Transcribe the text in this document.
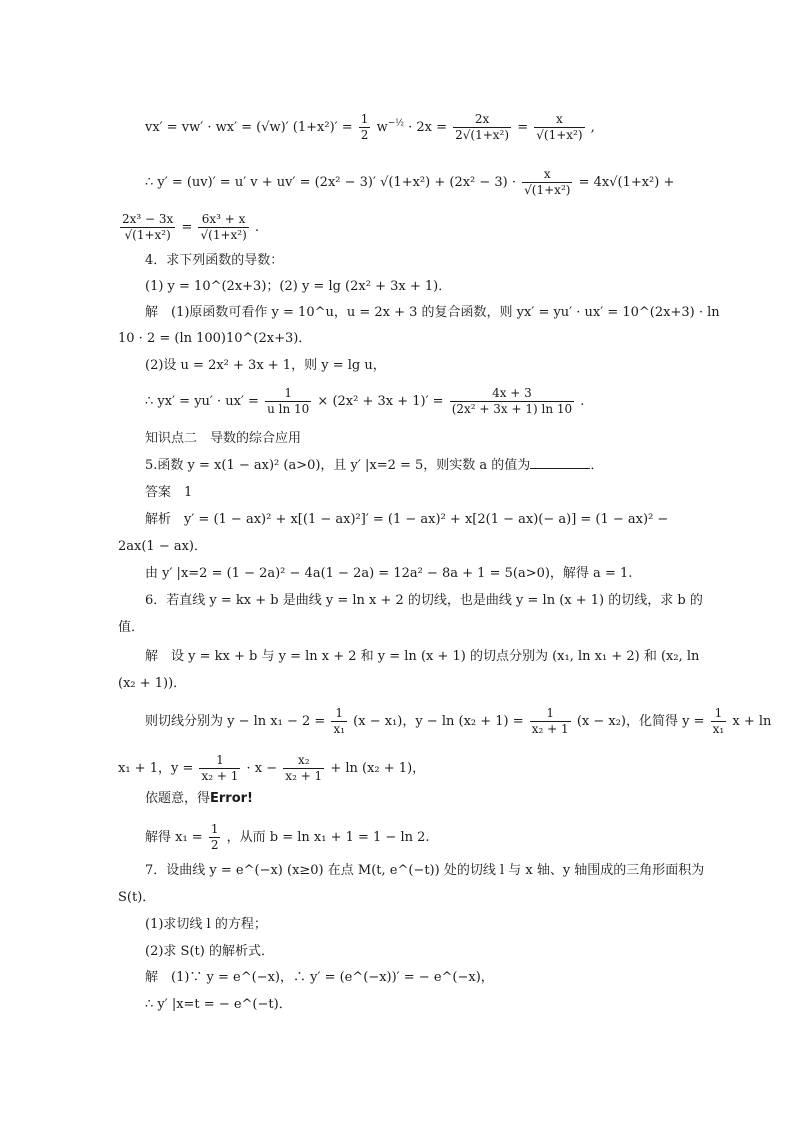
vx′ = vw′ · wx′ = (√w)′ $(1+x^2)' = \frac{1}{2} w^{-\frac{1}{2}} \cdot 2x = \frac{2x}{\text{2√(1+x²)}} = \frac{x}{\text{√(1+x²)}}$ ,
∴ y′ = (uv)′ = u′ v + uv′ = (2x² − 3)′ $√(1+x^2) + (2x^2 - 3) \cdot \frac{x}{\text{√(1+x²)}} = 4x√(1+x^2)$ +
$\frac{\text{2x³ − 3x}}{\text{√(1+x²)}} = \frac{\text{6x³ + x}}{\text{√(1+x²)}}$ .
4．求下列函数的导数：
(1) y = 10^(2x+3)；(2) y = lg (2x² + 3x + 1)．
解　(1)原函数可看作 y = 10^u，u = 2x + 3 的复合函数，则 yx′ = yu′ · ux′ = 10^(2x+3) · ln
10 · 2 = (ln 100)10^(2x+3)．
(2)设 u = 2x² + 3x + 1，则 y = lg u，
∴ $yx' = yu' \cdot ux' = \frac{1}{\text{u ln 10}} \times (2x^2 + 3x + 1)' = \frac{4x + 3}{\text{(2x² + 3x + 1) ln 10}}$ .
知识点二　导数的综合应用
5.函数 y = x(1 − ax)² (a>0)，且 y′ |x=2 = 5，则实数 a 的值为	．
答案　1
解析　y′ = (1 − ax)² + x[(1 − ax)²]′ = (1 − ax)² + x[2(1 − ax)(− a)] = (1 − ax)² −
2ax(1 − ax)．
由 y′ |x=2 = (1 − 2a)² − 4a(1 − 2a) = 12a² − 8a + 1 = 5(a>0)，解得 a = 1.
6．若直线 y = kx + b 是曲线 y = ln x + 2 的切线，也是曲线 y = ln (x + 1) 的切线，求 b 的
值．
解　设 y = kx + b 与 y = ln x + 2 和 y = ln (x + 1) 的切点分别为 (x₁, ln x₁ + 2) 和 (x₂, ln
(x₂ + 1))．
则切线分别为 $y - \ln x_1 - 2 = \frac{1}{\text{x₁}} (x - x_1)$，$y - \ln (x_2 + 1) = \frac{1}{\text{x₂ + 1}} (x - x_2)$，化简得 $y = \frac{1}{\text{x₁}}$ x + ln
x₁ + 1，$y = \frac{1}{\text{x₂ + 1}} \cdot x - \frac{\text{x₂}}{\text{x₂ + 1}} + \ln (x_2 + 1)$，
依题意，得Error!
解得 $x_1 = \frac{1}{2}$ ，从而 b = ln x₁ + 1 = 1 − ln 2.
7．设曲线 y = e^(−x) (x≥0) 在点 M(t, e^(−t)) 处的切线 l 与 x 轴、y 轴围成的三角形面积为
S(t)．
(1)求切线 l 的方程；
(2)求 S(t) 的解析式．
解　(1)∵ y = e^(−x)，∴ y′ = (e^(−x))′ = − e^(−x)，
∴ y′ |x=t = − e^(−t)．
